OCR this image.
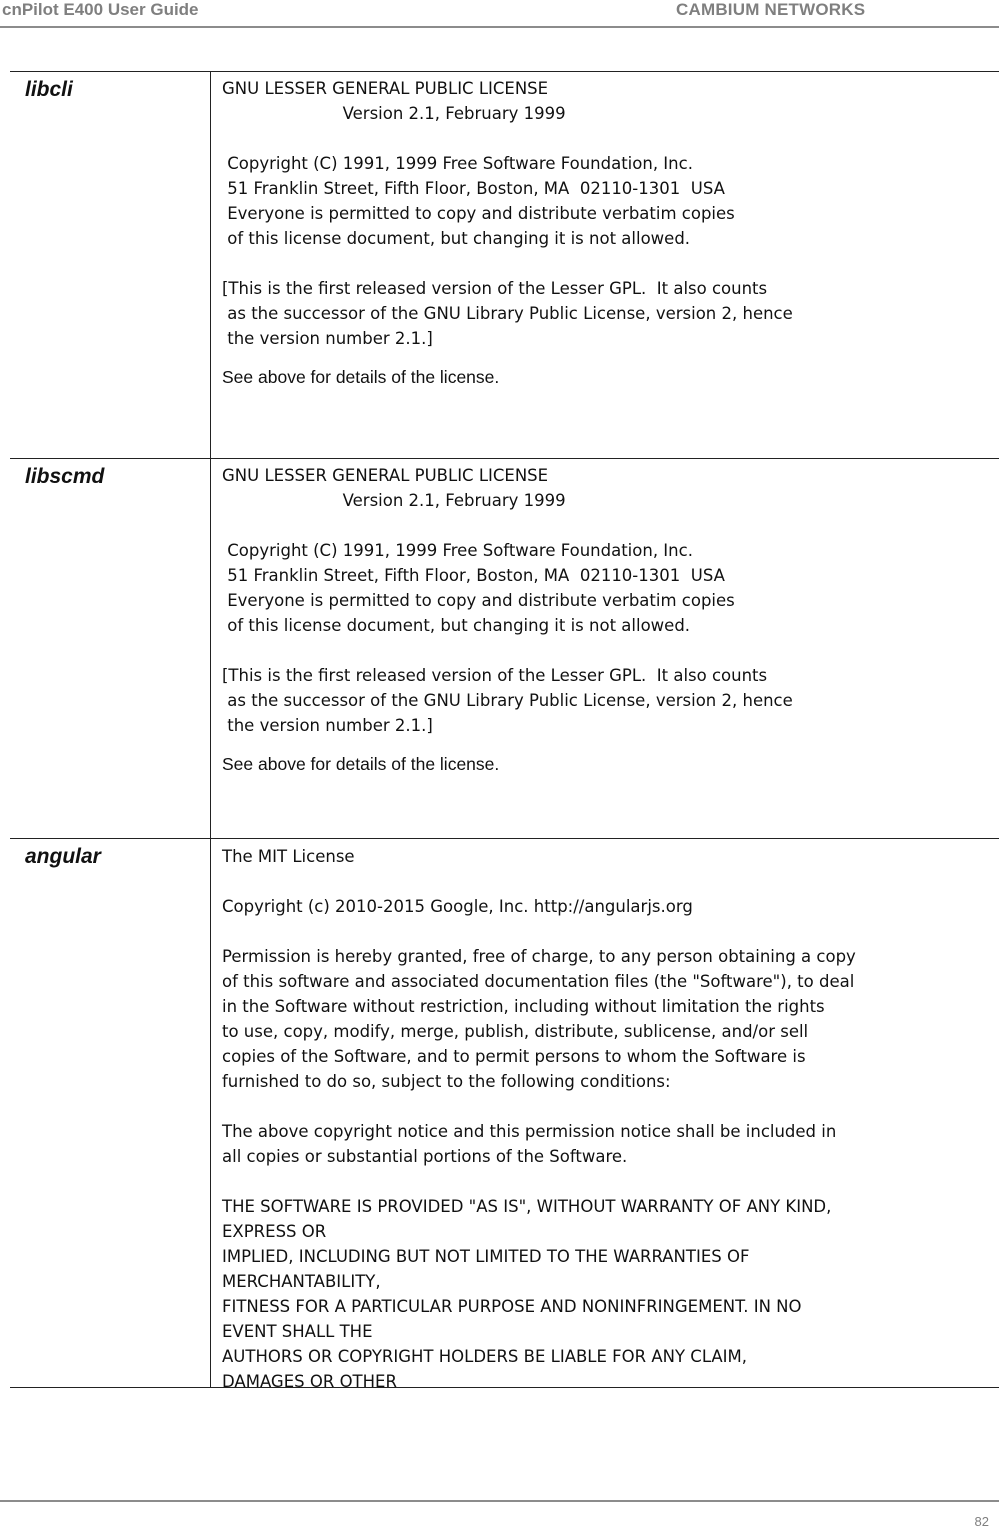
cnPilot E400 User Guide	CAMBIUM NETWORKS
libcli	GNU LESSER GENERAL PUBLIC LICENSE
Version 2.1, February 1999
Copyright (C) 1991, 1999 Free Software Foundation, Inc.
51 Franklin Street, Fifth Floor, Boston, MA  02110-1301  USA
Everyone is permitted to copy and distribute verbatim copies
of this license document, but changing it is not allowed.
[This is the first released version of the Lesser GPL.  It also counts
as the successor of the GNU Library Public License, version 2, hence
the version number 2.1.]
See above for details of the license.
libscmd	GNU LESSER GENERAL PUBLIC LICENSE
Version 2.1, February 1999
Copyright (C) 1991, 1999 Free Software Foundation, Inc.
51 Franklin Street, Fifth Floor, Boston, MA  02110-1301  USA
Everyone is permitted to copy and distribute verbatim copies
of this license document, but changing it is not allowed.
[This is the first released version of the Lesser GPL.  It also counts
as the successor of the GNU Library Public License, version 2, hence
the version number 2.1.]
See above for details of the license.
angular	The MIT License
Copyright (c) 2010-2015 Google, Inc. http://angularjs.org
Permission is hereby granted, free of charge, to any person obtaining a copy
of this software and associated documentation files (the "Software"), to deal
in the Software without restriction, including without limitation the rights
to use, copy, modify, merge, publish, distribute, sublicense, and/or sell
copies of the Software, and to permit persons to whom the Software is
furnished to do so, subject to the following conditions:
The above copyright notice and this permission notice shall be included in
all copies or substantial portions of the Software.
THE SOFTWARE IS PROVIDED "AS IS", WITHOUT WARRANTY OF ANY KIND,
EXPRESS OR
IMPLIED, INCLUDING BUT NOT LIMITED TO THE WARRANTIES OF
MERCHANTABILITY,
FITNESS FOR A PARTICULAR PURPOSE AND NONINFRINGEMENT. IN NO
EVENT SHALL THE
AUTHORS OR COPYRIGHT HOLDERS BE LIABLE FOR ANY CLAIM,
DAMAGES OR OTHER
82
